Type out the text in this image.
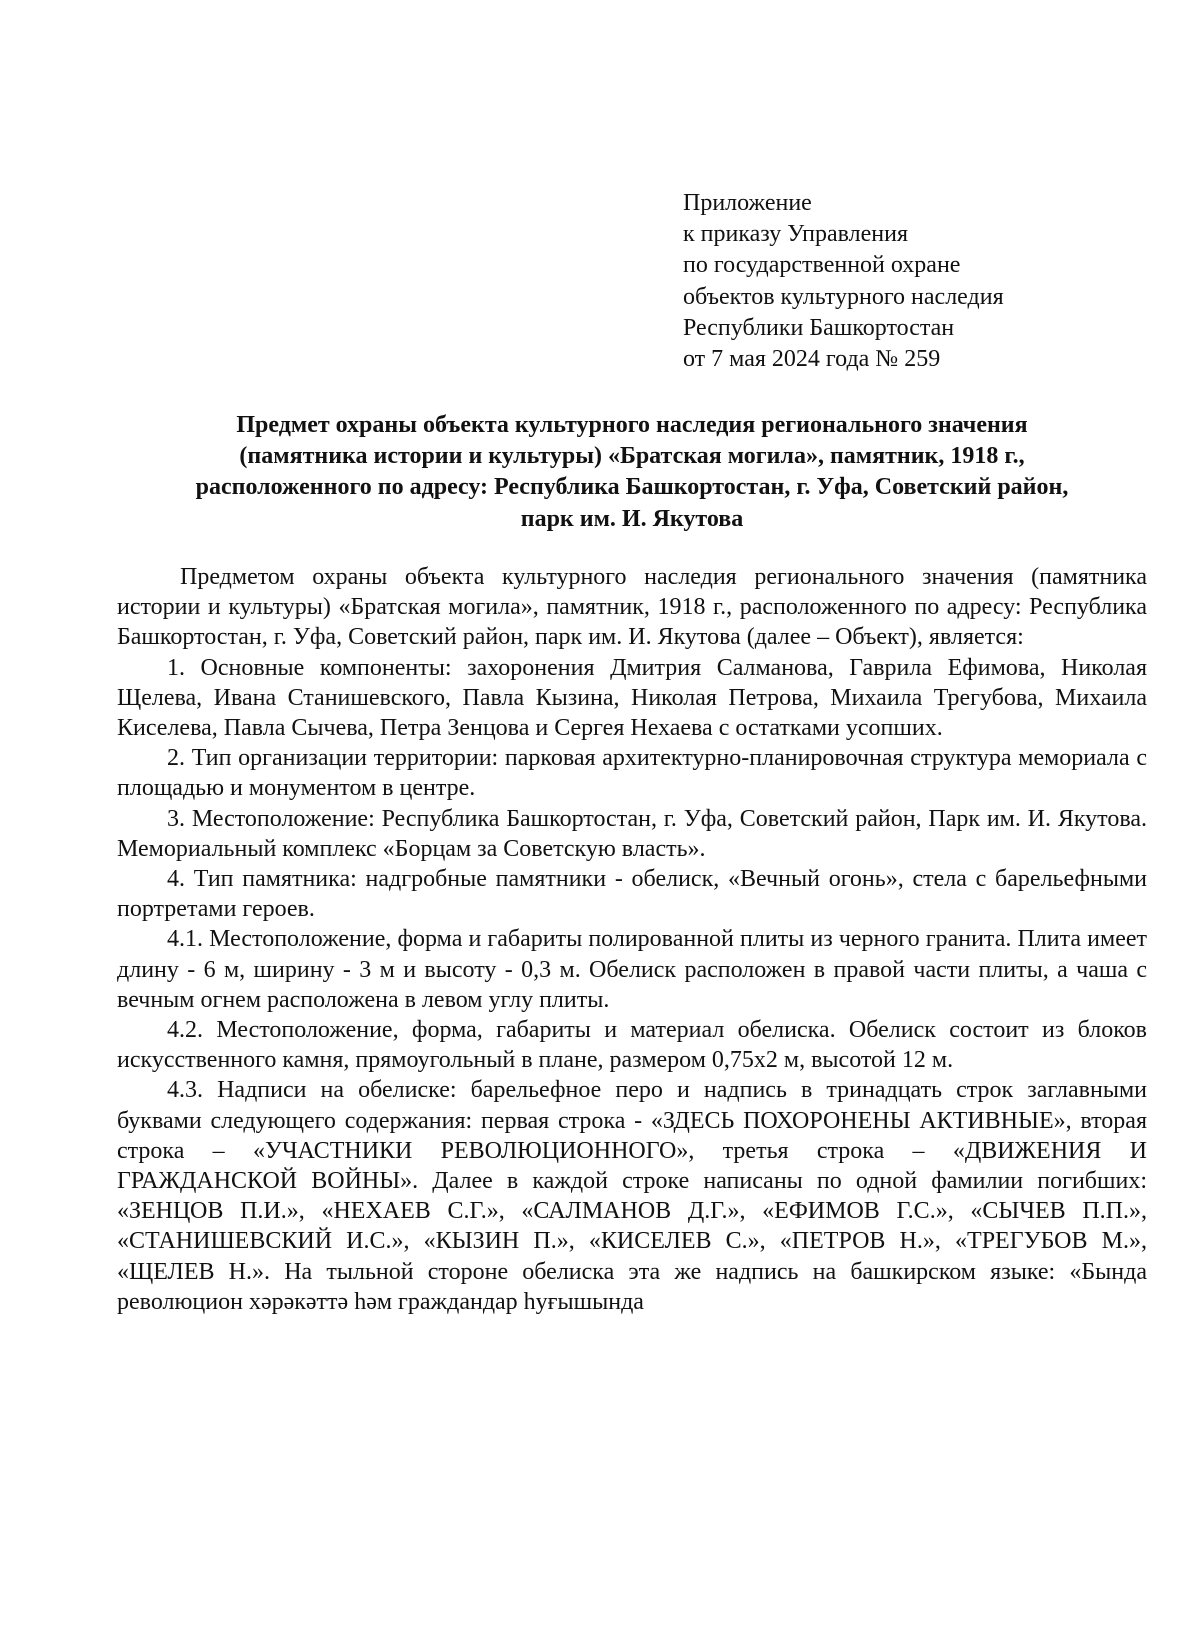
Приложение
к приказу Управления
по государственной охране
объектов культурного наследия
Республики Башкортостан
от 7 мая 2024 года № 259
Предмет охраны объекта культурного наследия регионального значения
(памятника истории и культуры) «Братская могила», памятник, 1918 г.,
расположенного по адресу: Республика Башкортостан, г. Уфа, Советский район,
парк им. И. Якутова

Предметом охраны объекта культурного наследия регионального значения (памятника истории и культуры) «Братская могила», памятник, 1918 г., расположенного по адресу: Республика Башкортостан, г. Уфа, Советский район, парк им. И. Якутова (далее – Объект), является:

1. Основные компоненты: захоронения Дмитрия Салманова, Гаврила Ефимова, Николая Щелева, Ивана Станишевского, Павла Кызина, Николая Петрова, Михаила Трегубова, Михаила Киселева, Павла Сычева, Петра Зенцова и Сергея Нехаева с остатками усопших.

2. Тип организации территории: парковая архитектурно-планировочная структура мемориала с площадью и монументом в центре.

3. Местоположение: Республика Башкортостан, г. Уфа, Советский район, Парк им. И. Якутова. Мемориальный комплекс «Борцам за Советскую власть».

4. Тип памятника: надгробные памятники - обелиск, «Вечный огонь», стела с барельефными портретами героев.

4.1. Местоположение, форма и габариты полированной плиты из черного гранита. Плита имеет длину - 6 м, ширину - 3 м и высоту - 0,3 м. Обелиск расположен в правой части плиты, а чаша с вечным огнем расположена в левом углу плиты.

4.2. Местоположение, форма, габариты и материал обелиска. Обелиск состоит из блоков искусственного камня, прямоугольный в плане, размером 0,75х2 м, высотой 12 м.

4.3. Надписи на обелиске: барельефное перо и надпись в тринадцать строк заглавными буквами следующего содержания: первая строка - «ЗДЕСЬ ПОХОРОНЕНЫ АКТИВНЫЕ», вторая строка – «УЧАСТНИКИ РЕВОЛЮЦИОННОГО», третья строка – «ДВИЖЕНИЯ И ГРАЖДАНСКОЙ ВОЙНЫ». Далее в каждой строке написаны по одной фамилии погибших: «ЗЕНЦОВ П.И.», «НЕХАЕВ С.Г.», «САЛМАНОВ Д.Г.», «ЕФИМОВ Г.С.», «СЫЧЕВ П.П.», «СТАНИШЕВСКИЙ И.С.», «КЫЗИН П.», «КИСЕЛЕВ С.», «ПЕТРОВ Н.», «ТРЕГУБОВ М.», «ЩЕЛЕВ Н.». На тыльной стороне обелиска эта же надпись на башкирском языке: «Бында революцион хәрәкәттә һәм граждандар һуғышында
